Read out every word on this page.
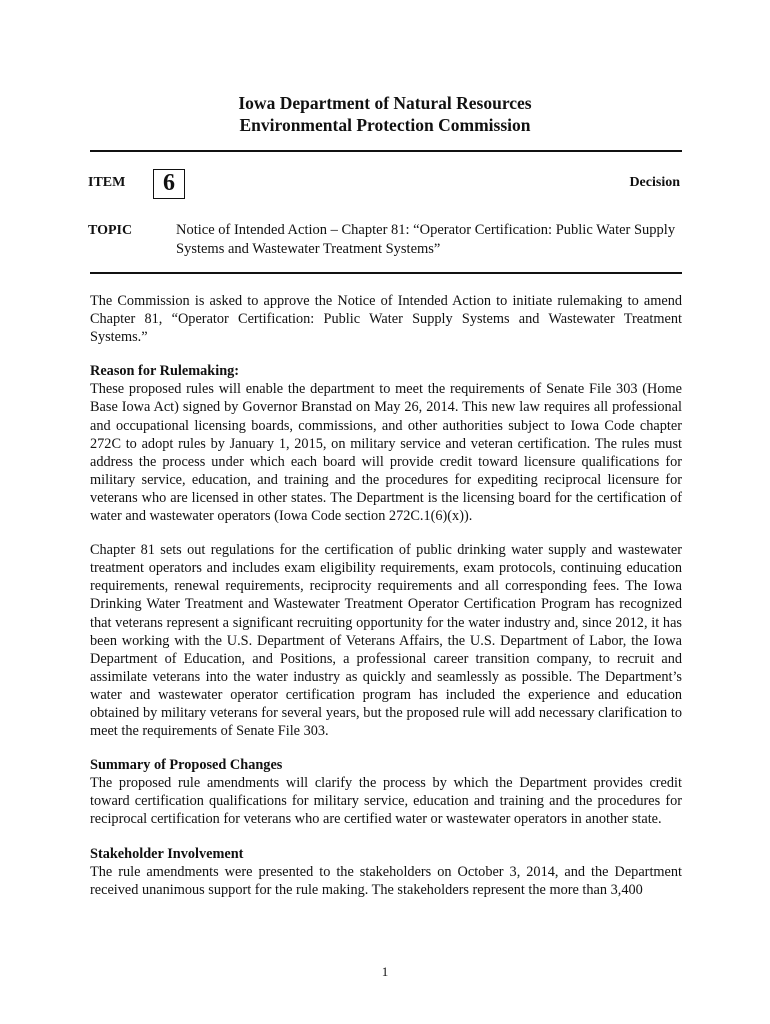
Iowa Department of Natural Resources
Environmental Protection Commission
ITEM	6	Decision
TOPIC	Notice of Intended Action – Chapter 81: “Operator Certification: Public Water Supply Systems and Wastewater Treatment Systems”

The Commission is asked to approve the Notice of Intended Action to initiate rulemaking to amend Chapter 81, “Operator Certification: Public Water Supply Systems and Wastewater Treatment Systems.”

Reason for Rulemaking:

These proposed rules will enable the department to meet the requirements of Senate File 303 (Home Base Iowa Act) signed by Governor Branstad on May 26, 2014. This new law requires all professional and occupational licensing boards, commissions, and other authorities subject to Iowa Code chapter 272C to adopt rules by January 1, 2015, on military service and veteran certification. The rules must address the process under which each board will provide credit toward licensure qualifications for military service, education, and training and the procedures for expediting reciprocal licensure for veterans who are licensed in other states. The Department is the licensing board for the certification of water and wastewater operators (Iowa Code section 272C.1(6)(x)).

Chapter 81 sets out regulations for the certification of public drinking water supply and wastewater treatment operators and includes exam eligibility requirements, exam protocols, continuing education requirements, renewal requirements, reciprocity requirements and all corresponding fees. The Iowa Drinking Water Treatment and Wastewater Treatment Operator Certification Program has recognized that veterans represent a significant recruiting opportunity for the water industry and, since 2012, it has been working with the U.S. Department of Veterans Affairs, the U.S. Department of Labor, the Iowa Department of Education, and Positions, a professional career transition company, to recruit and assimilate veterans into the water industry as quickly and seamlessly as possible. The Department’s water and wastewater operator certification program has included the experience and education obtained by military veterans for several years, but the proposed rule will add necessary clarification to meet the requirements of Senate File 303.

Summary of Proposed Changes

The proposed rule amendments will clarify the process by which the Department provides credit toward certification qualifications for military service, education and training and the procedures for reciprocal certification for veterans who are certified water or wastewater operators in another state.

Stakeholder Involvement

The rule amendments were presented to the stakeholders on October 3, 2014, and the Department received unanimous support for the rule making. The stakeholders represent the more than 3,400

1
